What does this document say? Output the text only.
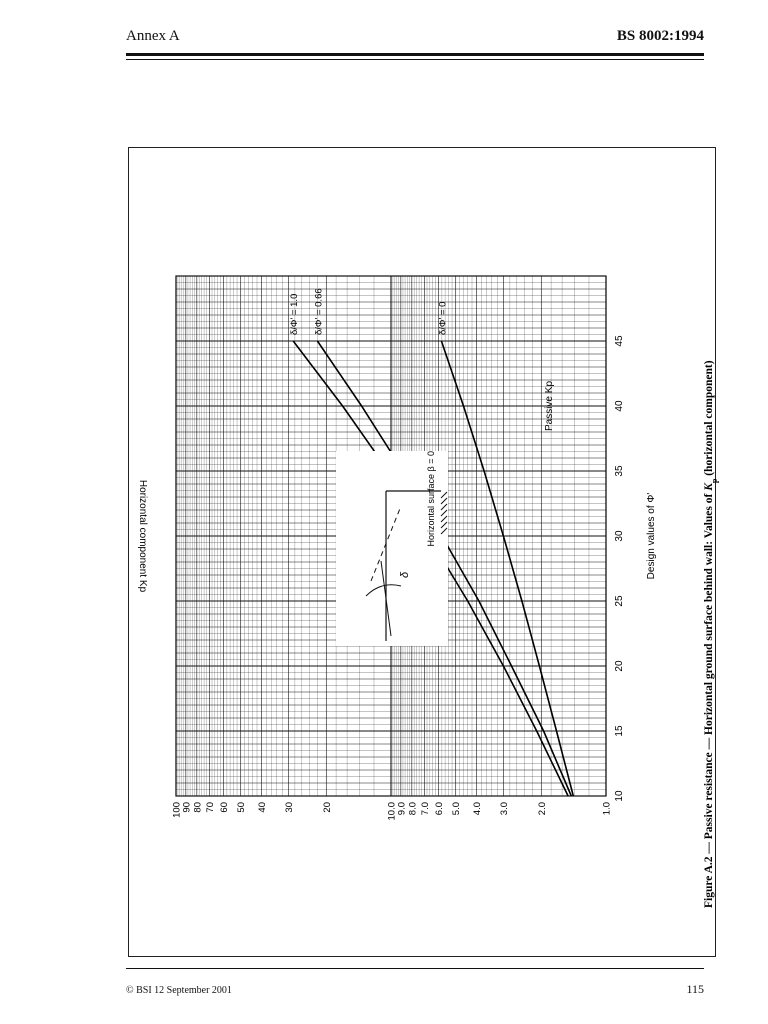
Annex A	BS 8002:1994
δ/Φ' = 1.0 δ/Φ' = 0.66	δ/Φ' = 0
10
15
20
25
30
35
40
45
1.0
2.0
3.0
4.0
5.0
6.0
7.0
8.0
9.0
10.0
20
30
40
50
60
70
80
90
100
δ
Horizontal surface β = 0
Passive Kp
Design values of Φ'
Horizontal component Kp	Figure A.2 — Passive resistance — Horizontal ground surface behind wall: Values of $K_p$ (horizontal component)
© BSI 12 September 2001	115
